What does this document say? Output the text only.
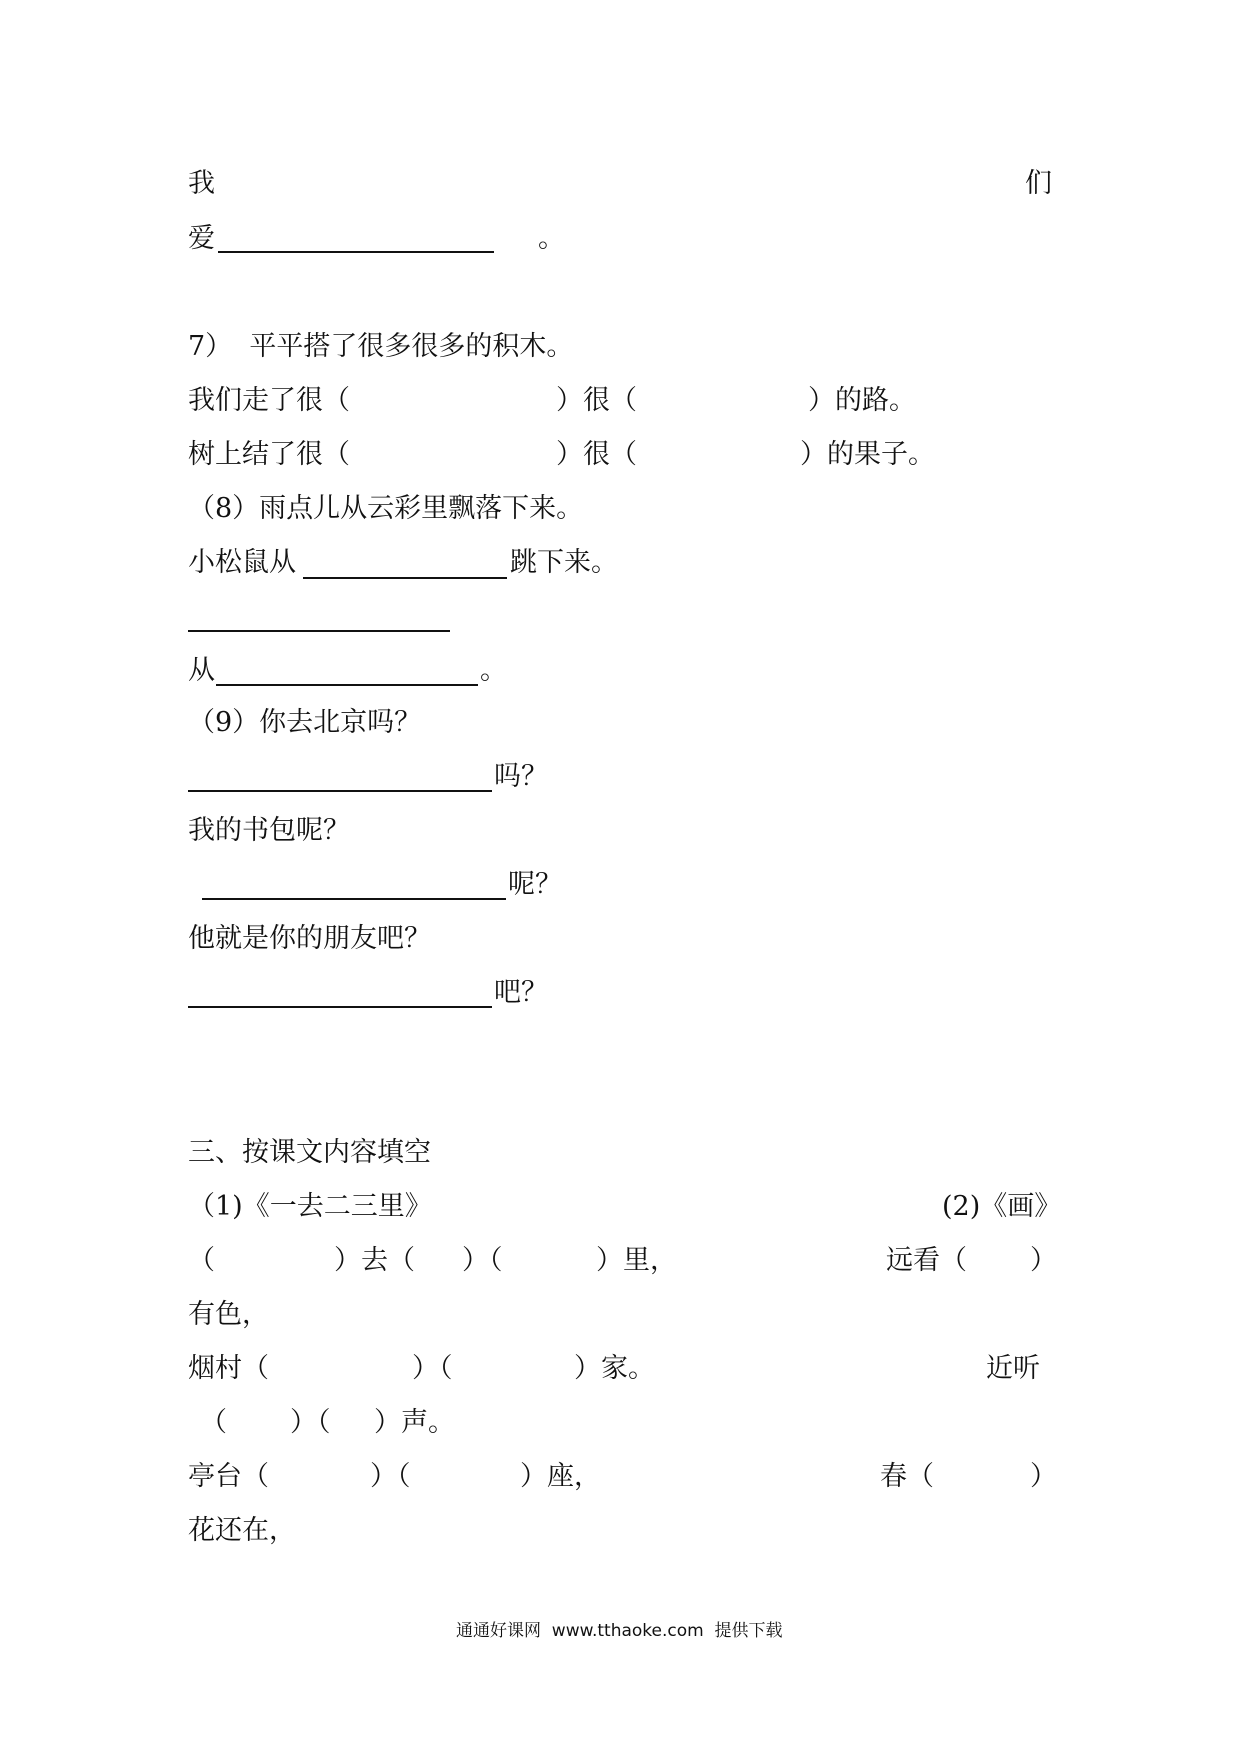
我	们
爱	。
7）  平平搭了很多很多的积木。
我们走了很（	）很（	）的路。
树上结了很（	）很（	）的果子。
（8）雨点儿从云彩里飘落下来。
小松鼠从	跳下来。
从	。
（9）你去北京吗？
吗？
我的书包呢？
呢？
他就是你的朋友吧？
吧？
三、按课文内容填空
（1)《一去二三里》	(2)《画》
（	）去（ ）（	）里，	远看（ ）
有色，
烟村（	）（	）家。	近听
（ ）（ ）声。
亭台（	）（	）座，	春（	）
花还在，
通通好课网  www.tthaoke.com  提供下载
